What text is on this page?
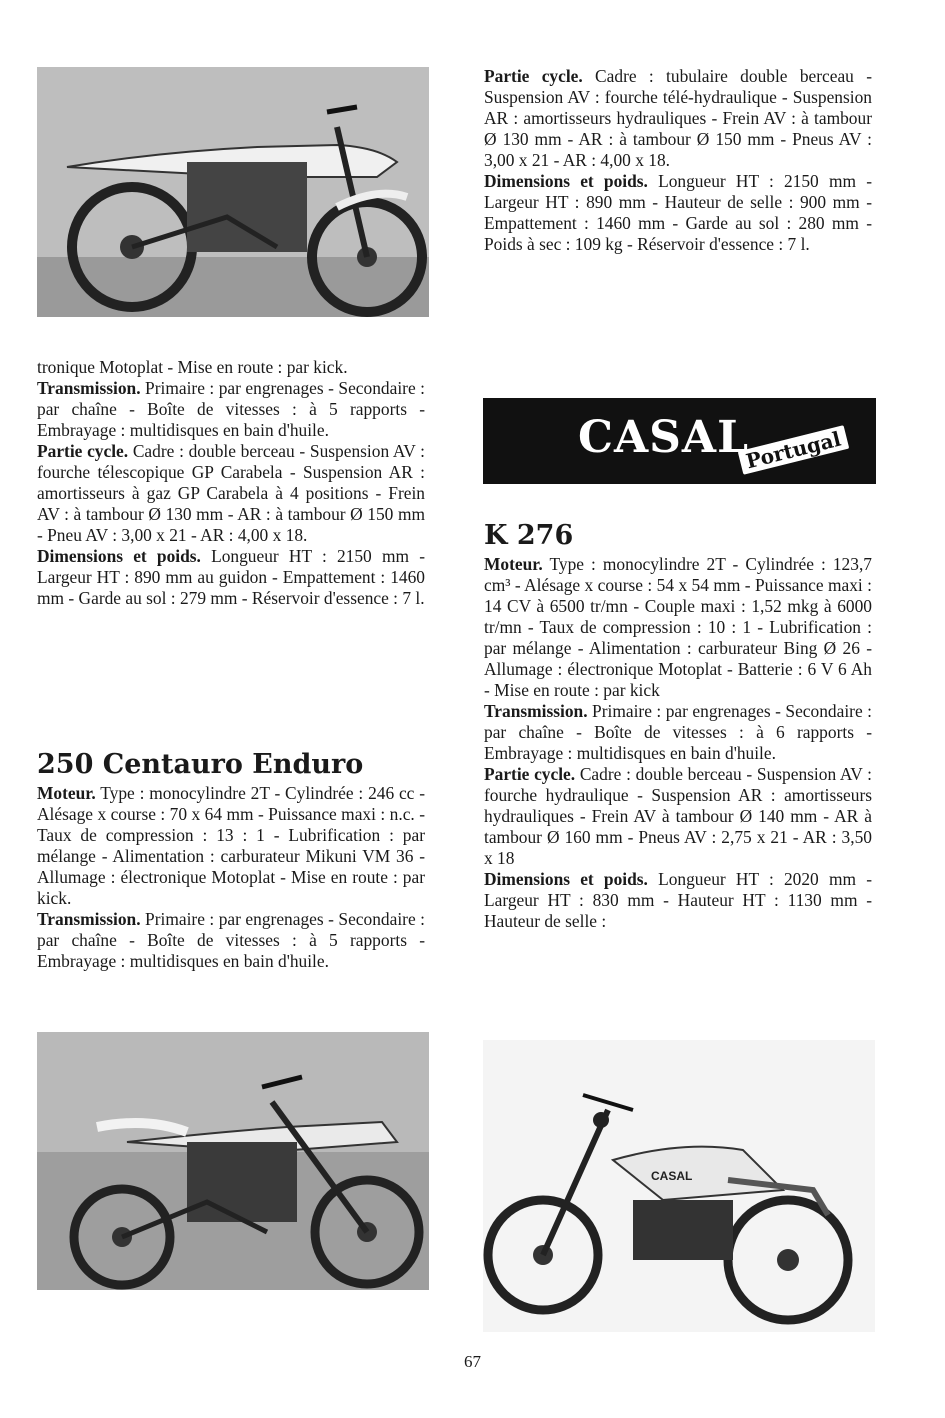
CASAL

Partie cycle. Cadre : tubulaire double berceau - Suspension AV : fourche télé-hydraulique - Suspension AR : amortisseurs hydrauliques - Frein AV : à tambour Ø 130 mm - AR : à tambour Ø 150 mm - Pneus AV : 3,00 x 21 - AR : 4,00 x 18.

Dimensions et poids. Longueur HT : 2150 mm - Largeur HT : 890 mm - Hauteur de selle : 900 mm - Empattement : 1460 mm - Garde au sol : 280 mm - Poids à sec : 109 kg - Réservoir d'essence : 7 l.

CASAL
Portugal

tronique Motoplat - Mise en route : par kick.

Transmission. Primaire : par engrenages - Secondaire : par chaîne - Boîte de vitesses : à 5 rapports - Embrayage : multidisques en bain d'huile.

Partie cycle. Cadre : double berceau - Suspension AV : fourche télescopique GP Carabela - Suspension AR : amortisseurs à gaz GP Carabela à 4 positions - Frein AV : à tambour Ø 130 mm - AR : à tambour Ø 150 mm - Pneu AV : 3,00 x 21 - AR : 4,00 x 18.

Dimensions et poids. Longueur HT : 2150 mm - Largeur HT : 890 mm au guidon - Empattement : 1460 mm - Garde au sol : 279 mm - Réservoir d'essence : 7 l.

250 Centauro Enduro

Moteur. Type : monocylindre 2T - Cylindrée : 246 cc - Alésage x course : 70 x 64 mm - Puissance maxi : n.c. - Taux de compression : 13 : 1 - Lubrification : par mélange - Alimentation : carburateur Mikuni VM 36 - Allumage : électronique Motoplat - Mise en route : par kick.

Transmission. Primaire : par engrenages - Secondaire : par chaîne - Boîte de vitesses : à 5 rapports - Embrayage : multidisques en bain d'huile.

K 276

Moteur. Type : monocylindre 2T - Cylindrée : 123,7 cm³ - Alésage x course : 54 x 54 mm - Puissance maxi : 14 CV à 6500 tr/mn - Couple maxi : 1,52 mkg à 6000 tr/mn - Taux de compression : 10 : 1 - Lubrification : par mélange - Alimentation : carburateur Bing Ø 26 - Allumage : électronique Motoplat - Batterie : 6 V 6 Ah - Mise en route : par kick

Transmission. Primaire : par engrenages - Secondaire : par chaîne - Boîte de vitesses : à 6 rapports - Embrayage : multidisques en bain d'huile.

Partie cycle. Cadre : double berceau - Suspension AV : fourche hydraulique - Suspension AR : amortisseurs hydrauliques - Frein AV à tambour Ø 140 mm - AR à tambour Ø 160 mm - Pneus AV : 2,75 x 21 - AR : 3,50 x 18

Dimensions et poids. Longueur HT : 2020 mm - Largeur HT : 830 mm - Hauteur HT : 1130 mm - Hauteur de selle :

67
